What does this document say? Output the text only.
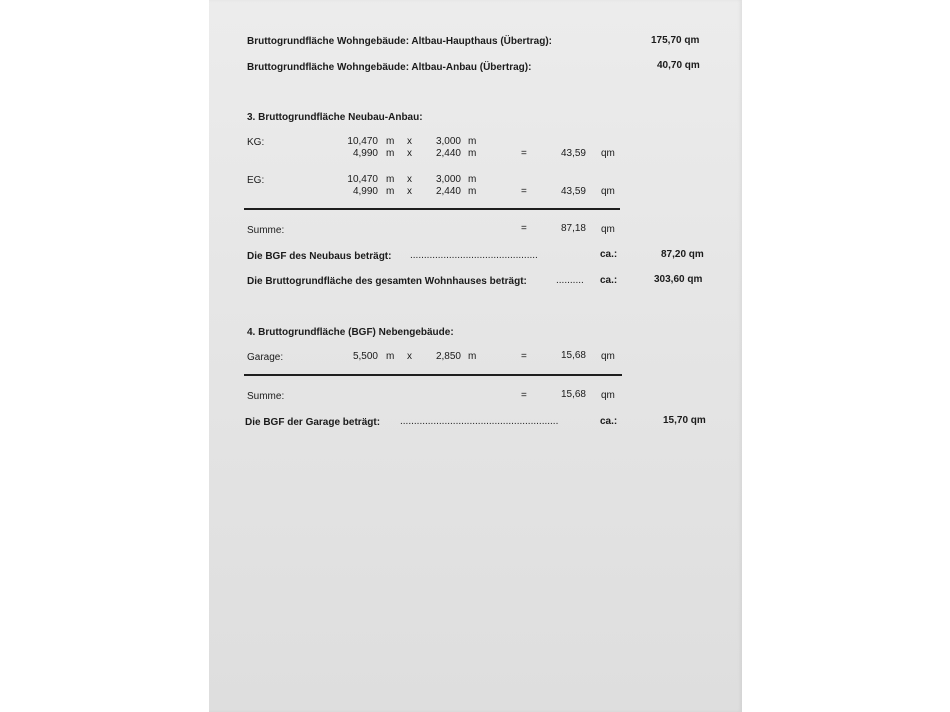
Bruttogrundfläche Wohngebäude: Altbau-Haupthaus (Übertrag):	175,70 qm
Bruttogrundfläche Wohngebäude: Altbau-Anbau (Übertrag):	40,70 qm
3. Bruttogrundfläche Neubau-Anbau:
KG:	10,470 m x	3,000 m
4,990 m x	2,440 m	=	43,59 qm
EG:	10,470 m x	3,000 m
4,990 m x	2,440 m	=	43,59 qm
Summe:	=	87,18 qm
Die BGF des Neubaus beträgt: ..............................................	ca.:	87,20 qm
Die Bruttogrundfläche des gesamten Wohnhauses beträgt:	.......... ca.:	303,60 qm
4. Bruttogrundfläche (BGF) Nebengebäude:
Garage:	5,500 m x	2,850 m	=	15,68 qm
Summe:	=	15,68 qm
Die BGF der Garage beträgt: .........................................................	ca.:	15,70 qm
